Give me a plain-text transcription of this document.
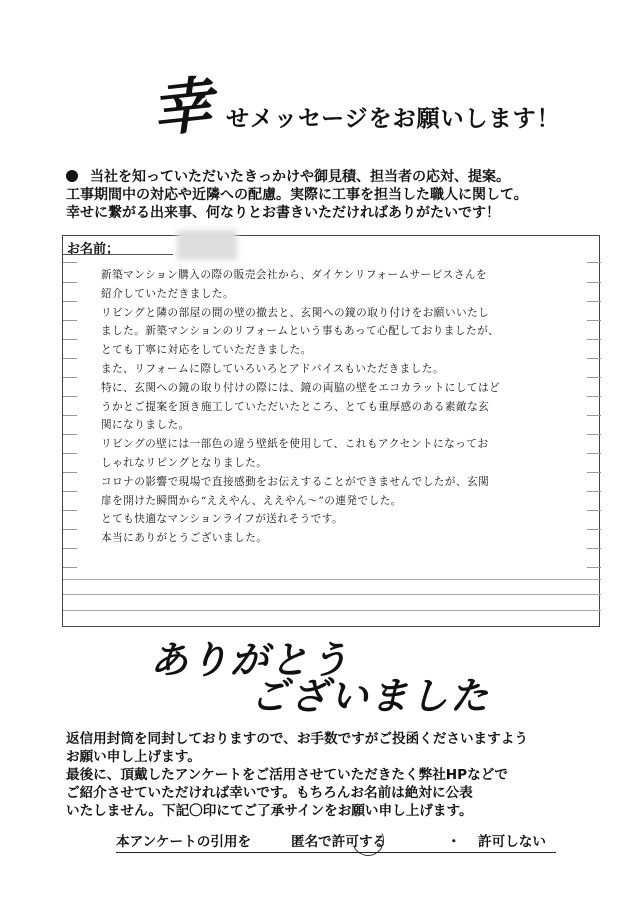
幸 せメッセージをお願いします！
当社を知っていただいたきっかけや御見積、担当者の応対、提案。
工事期間中の対応や近隣への配慮。実際に工事を担当した職人に関して。
幸せに繋がる出来事、何なりとお書きいただければありがたいです！
お名前；
新築マンション購入の際の販売会社から、ダイケンリフォームサービスさんを
紹介していただきました。
リビングと隣の部屋の間の壁の撤去と、玄関への鏡の取り付けをお願いいたし
ました。新築マンションのリフォームという事もあって心配しておりましたが、
とても丁寧に対応をしていただきました。
また、リフォームに際していろいろとアドバイスもいただきました。
特に、玄関への鏡の取り付けの際には、鏡の両脇の壁をエコカラットにしてはど
うかとご提案を頂き施工していただいたところ、とても重厚感のある素敵な玄
関になりました。
リビングの壁には一部色の違う壁紙を使用して、これもアクセントになってお
しゃれなリビングとなりました。
コロナの影響で現場で直接感動をお伝えすることができませんでしたが、玄関
扉を開けた瞬間から“ええやん、ええやん～”の連発でした。
とても快適なマンションライフが送れそうです。
本当にありがとうございました。
ありがとう
ございました
返信用封筒を同封しておりますので、お手数ですがご投函くださいますよう
お願い申し上げます。
最後に、頂戴したアンケートをご活用させていただきたく弊社HPなどで
ご紹介させていただければ幸いです。もちろんお名前は絶対に公表
いたしません。下記〇印にてご了承サインをお願い申し上げます。
本アンケートの引用を	匿名で許可する	・ 許可しない
